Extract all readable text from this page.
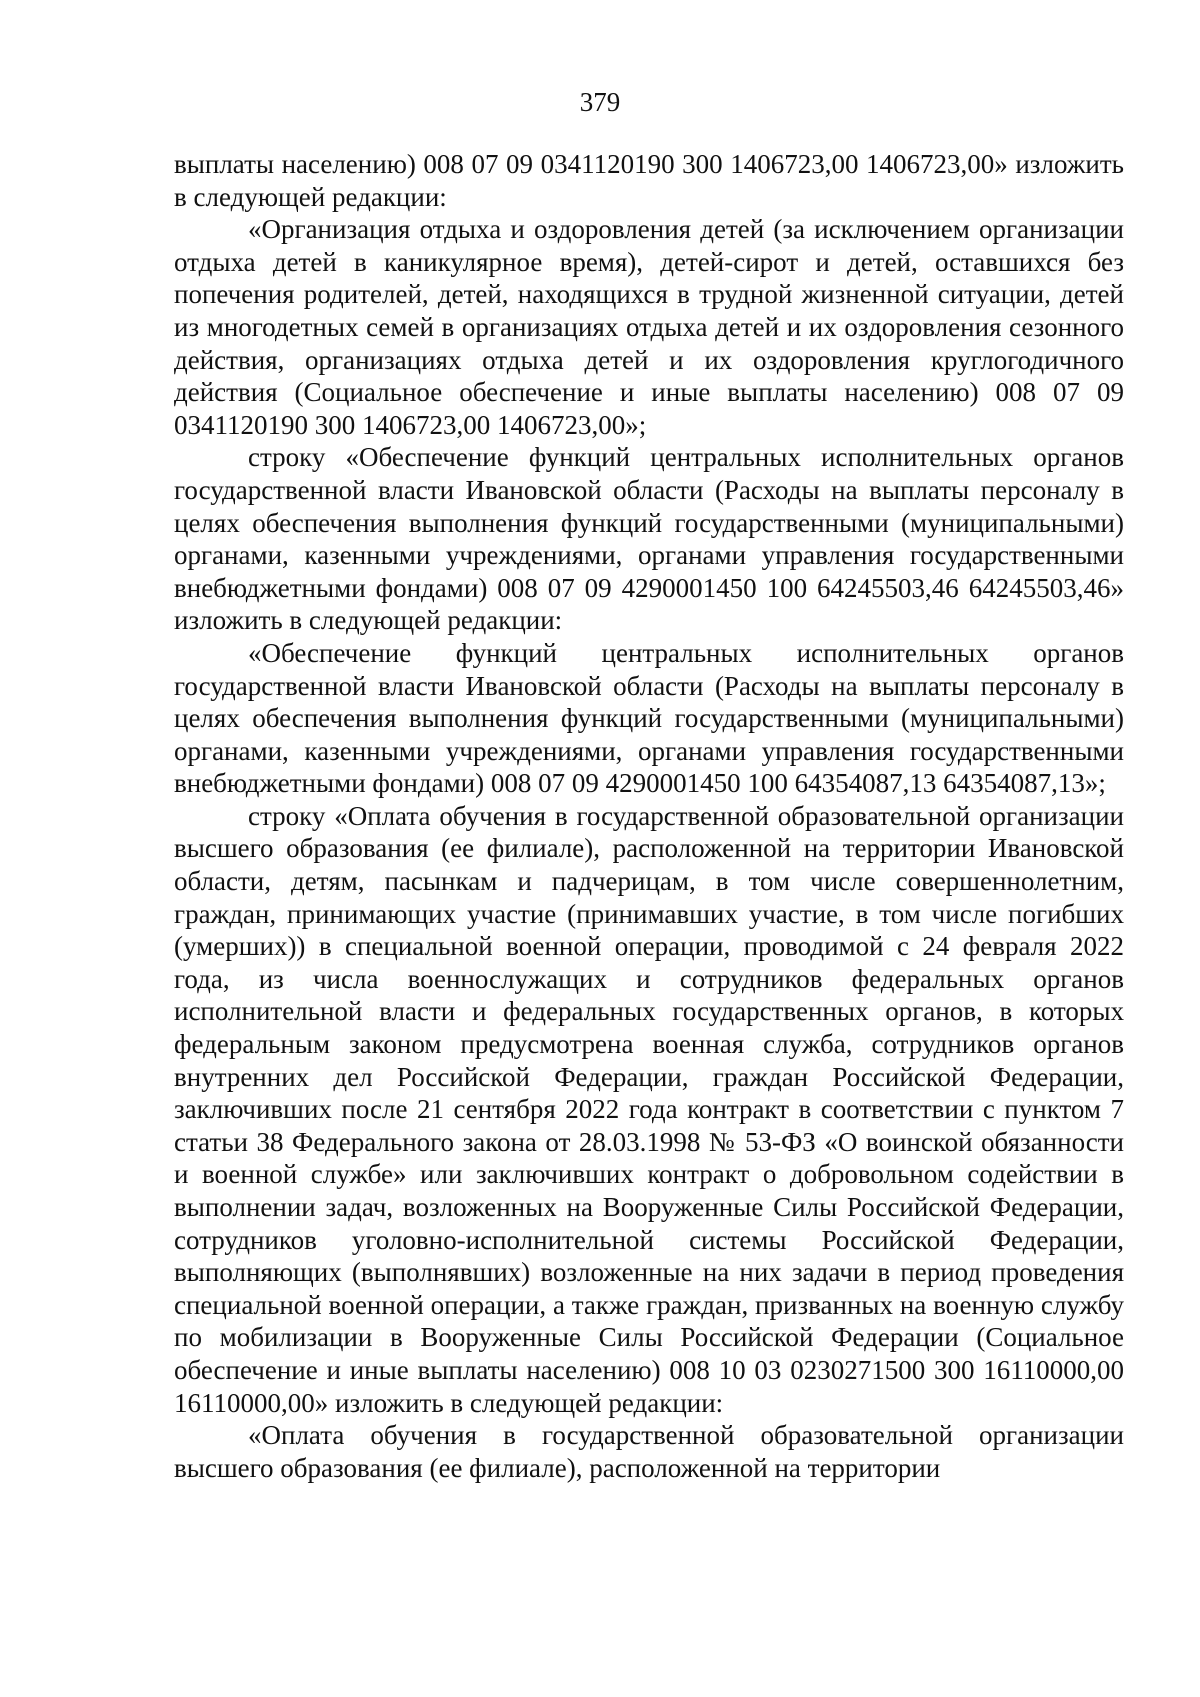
379

выплаты населению) 008 07 09 0341120190 300 1406723,00 1406723,00» изложить в следующей редакции:

«Организация отдыха и оздоровления детей (за исключением организации отдыха детей в каникулярное время), детей-сирот и детей, оставшихся без попечения родителей, детей, находящихся в трудной жизненной ситуации, детей из многодетных семей в организациях отдыха детей и их оздоровления сезонного действия, организациях отдыха детей и их оздоровления круглогодичного действия (Социальное обеспечение и иные выплаты населению) 008 07 09 0341120190 300 1406723,00 1406723,00»;

строку «Обеспечение функций центральных исполнительных органов государственной власти Ивановской области (Расходы на выплаты персоналу в целях обеспечения выполнения функций государственными (муниципальными) органами, казенными учреждениями, органами управления государственными внебюджетными фондами) 008 07 09 4290001450 100 64245503,46 64245503,46» изложить в следующей редакции:

«Обеспечение функций центральных исполнительных органов государственной власти Ивановской области (Расходы на выплаты персоналу в целях обеспечения выполнения функций государственными (муниципальными) органами, казенными учреждениями, органами управления государственными внебюджетными фондами) 008 07 09 4290001450 100 64354087,13 64354087,13»;

строку «Оплата обучения в государственной образовательной организации высшего образования (ее филиале), расположенной на территории Ивановской области, детям, пасынкам и падчерицам, в том числе совершеннолетним, граждан, принимающих участие (принимавших участие, в том числе погибших (умерших)) в специальной военной операции, проводимой с 24 февраля 2022 года, из числа военнослужащих и сотрудников федеральных органов исполнительной власти и федеральных государственных органов, в которых федеральным законом предусмотрена военная служба, сотрудников органов внутренних дел Российской Федерации, граждан Российской Федерации, заключивших после 21 сентября 2022 года контракт в соответствии с пунктом 7 статьи 38 Федерального закона от 28.03.1998 № 53-ФЗ «О воинской обязанности и военной службе» или заключивших контракт о добровольном содействии в выполнении задач, возложенных на Вооруженные Силы Российской Федерации, сотрудников уголовно-исполнительной системы Российской Федерации, выполняющих (выполнявших) возложенные на них задачи в период проведения специальной военной операции, а также граждан, призванных на военную службу по мобилизации в Вооруженные Силы Российской Федерации (Социальное обеспечение и иные выплаты населению) 008 10 03 0230271500 300 16110000,00 16110000,00» изложить в следующей редакции:

«Оплата обучения в государственной образовательной организации высшего образования (ее филиале), расположенной на территории
